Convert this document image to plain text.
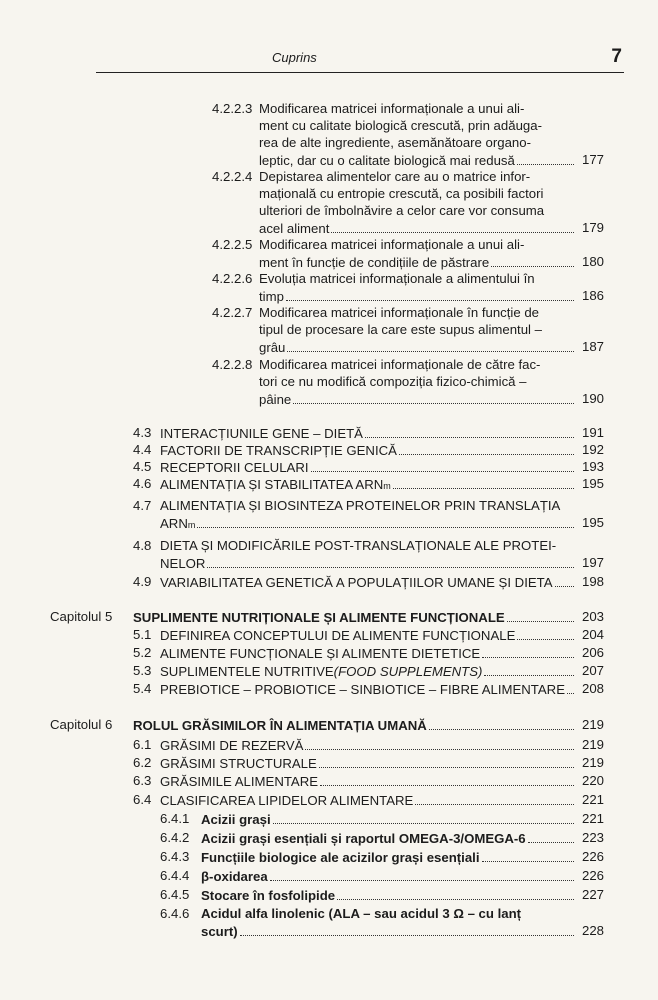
Cuprins	7
4.2.2.3 Modificarea matricei informaționale a unui ali-
ment cu calitate biologică crescută, prin adăuga-
rea de alte ingrediente, asemănătoare organo-
leptic, dar cu o calitate biologică mai redusă	177
4.2.2.4 Depistarea alimentelor care au o matrice infor-
mațională cu entropie crescută, ca posibili factori
ulteriori de îmbolnăvire a celor care vor consuma
acel aliment	179
4.2.2.5 Modificarea matricei informaționale a unui ali-
ment în funcție de condițiile de păstrare	180
4.2.2.6 Evoluția matricei informaționale a alimentului în
timp	186
4.2.2.7 Modificarea matricei informaționale în funcție de
tipul de procesare la care este supus alimentul –
grâu	187
4.2.2.8 Modificarea matricei informaționale de către fac-
tori ce nu modifică compoziția fizico-chimică –
pâine	190
4.3 INTERACȚIUNILE GENE – DIETĂ	191
4.4 FACTORII DE TRANSCRIPȚIE GENICĂ	192
4.5 RECEPTORII CELULARI	193
4.6 ALIMENTAȚIA ȘI STABILITATEA ARN m	195
4.7 ALIMENTAȚIA ȘI BIOSINTEZA PROTEINELOR PRIN TRANSLAȚIA
ARN m	195
4.8 DIETA ȘI MODIFICĂRILE POST-TRANSLAȚIONALE ALE PROTEI-
NELOR	197
4.9 VARIABILITATEA GENETICĂ A POPULAȚIILOR UMANE ȘI DIETA 198
Capitolul 5 SUPLIMENTE NUTRIȚIONALE ȘI ALIMENTE FUNCȚIONALE	203
5.1 DEFINIREA CONCEPTULUI DE ALIMENTE FUNCȚIONALE	204
5.2 ALIMENTE FUNCȚIONALE ȘI ALIMENTE DIETETICE	206
5.3 SUPLIMENTELE NUTRITIVE (FOOD SUPPLEMENTS)	207
5.4 PREBIOTICE – PROBIOTICE – SINBIOTICE – FIBRE ALIMENTARE 208
Capitolul 6 ROLUL GRĂSIMILOR ÎN ALIMENTAȚIA UMANĂ	219
6.1 GRĂSIMI DE REZERVĂ	219
6.2 GRĂSIMI STRUCTURALE	219
6.3 GRĂSIMILE ALIMENTARE	220
6.4 CLASIFICAREA LIPIDELOR ALIMENTARE	221
6.4.1 Acizii grași	221
6.4.2 Acizii grași esențiali și raportul OMEGA-3/OMEGA-6	223
6.4.3 Funcțiile biologice ale acizilor grași esențiali	226
6.4.4 β-oxidarea	226
6.4.5 Stocare în fosfolipide	227
6.4.6 Acidul alfa linolenic (ALA – sau acidul 3 Ω – cu lanț
scurt)	228
